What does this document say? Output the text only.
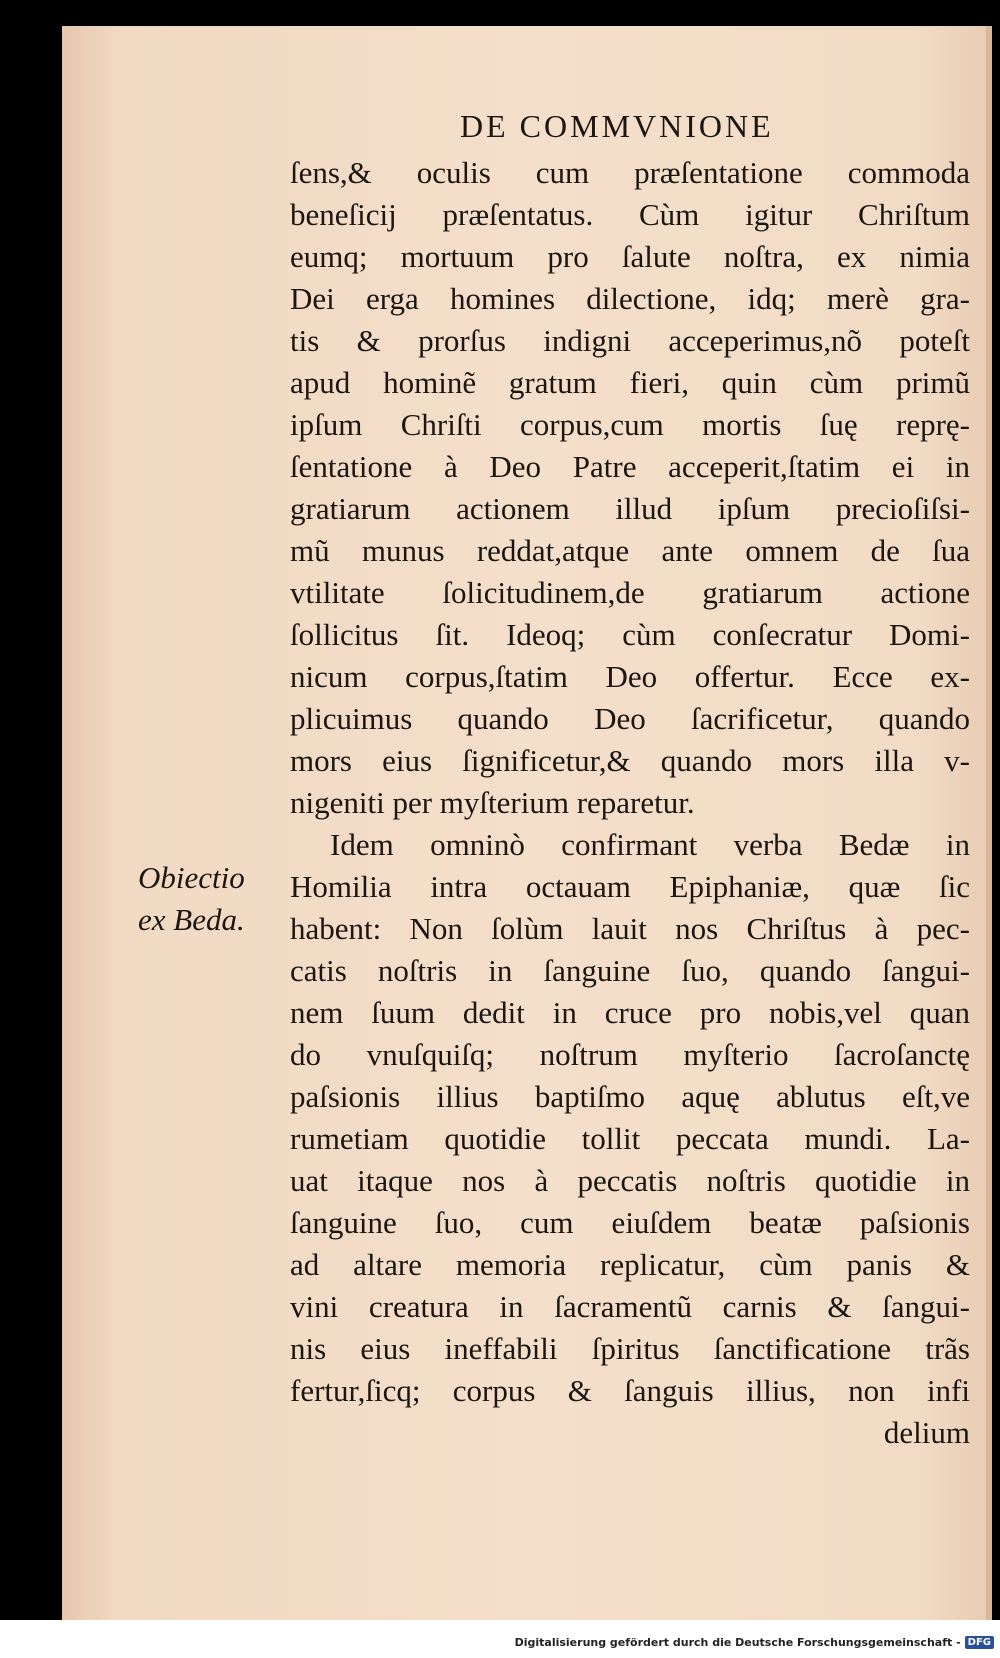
DE COMMVNIONE
Obiectio
ex Beda.
ſens,& oculis cum præſentatione commoda
beneſicij præſentatus. Cùm igitur Chriſtum
eumq; mortuum pro ſalute noſtra, ex nimia
Dei erga homines dilectione, idq; merè gra-
tis & prorſus indigni acceperimus,nõ poteſt
apud hominẽ gratum fieri, quin cùm primũ
ipſum Chriſti corpus,cum mortis ſuę reprę-
ſentatione à Deo Patre acceperit,ſtatim ei in
gratiarum actionem illud ipſum precioſiſsi-
mũ munus reddat,atque ante omnem de ſua
vtilitate ſolicitudinem,de gratiarum actione
ſollicitus ſit. Ideoq; cùm conſecratur Domi-
nicum corpus,ſtatim Deo offertur. Ecce ex-
plicuimus quando Deo ſacrificetur, quando
mors eius ſignificetur,& quando mors illa v-
nigeniti per myſterium reparetur.
Idem omninò confirmant verba Bedæ in
Homilia intra octauam Epiphaniæ, quæ ſic
habent: Non ſolùm lauit nos Chriſtus à pec-
catis noſtris in ſanguine ſuo, quando ſangui-
nem ſuum dedit in cruce pro nobis,vel quan
do vnuſquiſq; noſtrum myſterio ſacroſanctę
paſsionis illius baptiſmo aquę ablutus eſt,ve
rumetiam quotidie tollit peccata mundi. La-
uat itaque nos à peccatis noſtris quotidie in
ſanguine ſuo, cum eiuſdem beatæ paſsionis
ad altare memoria replicatur, cùm panis &
vini creatura in ſacramentũ carnis & ſangui-
nis eius ineffabili ſpiritus ſanctificatione trãs
fertur,ſicq; corpus & ſanguis illius, non infi
delium
Digitalisierung gefördert durch die Deutsche Forschungsgemeinschaft - DFG
